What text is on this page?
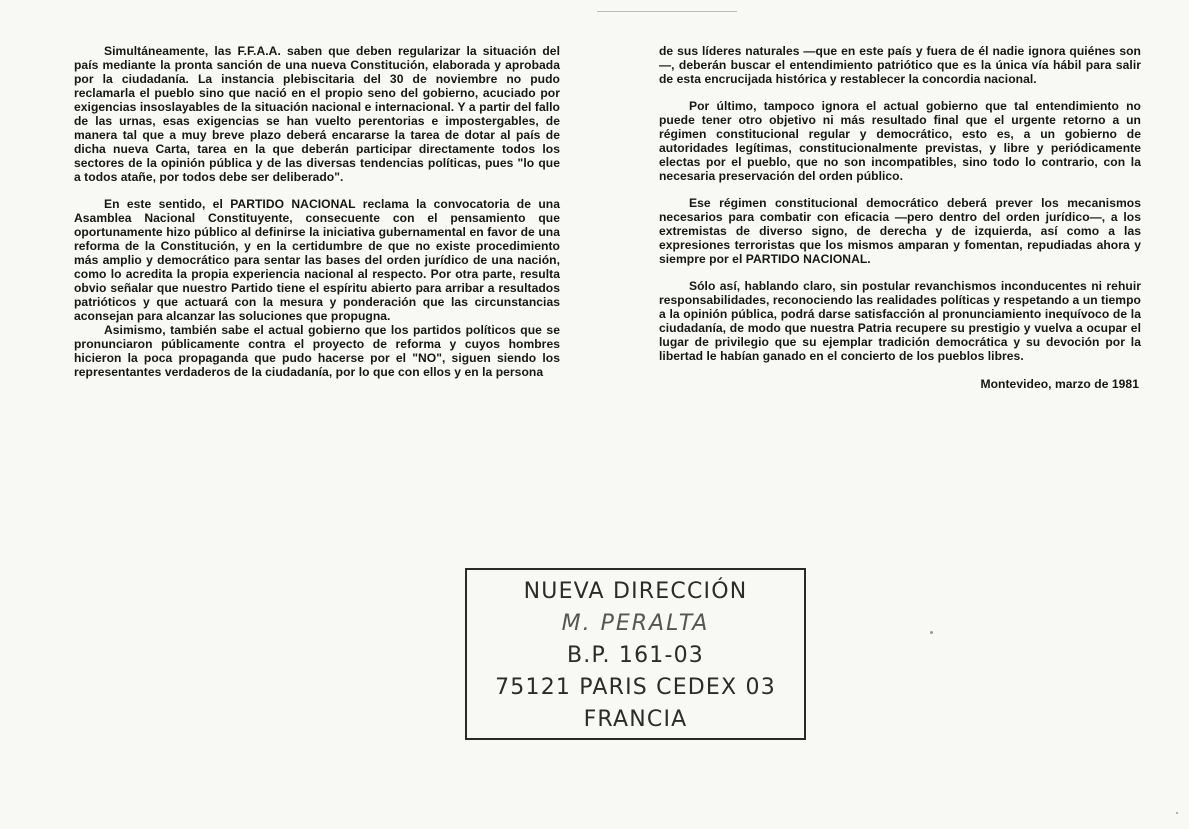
Simultáneamente, las F.F.A.A. saben que deben regularizar la situación del país mediante la pronta sanción de una nueva Constitución, elaborada y aprobada por la ciudadanía. La instancia plebiscitaria del 30 de noviembre no pudo reclamarla el pueblo sino que nació en el propio seno del gobierno, acuciado por exigencias insoslayables de la situación nacional e internacional. Y a partir del fallo de las urnas, esas exigencias se han vuelto perentorias e impostergables, de manera tal que a muy breve plazo deberá encararse la tarea de dotar al país de dicha nueva Carta, tarea en la que deberán participar directamente todos los sectores de la opinión pública y de las diversas tendencias políticas, pues "lo que a todos atañe, por todos debe ser deliberado".

En este sentido, el PARTIDO NACIONAL reclama la convocatoria de una Asamblea Nacional Constituyente, consecuente con el pensamiento que oportunamente hizo público al definirse la iniciativa gubernamental en favor de una reforma de la Constitución, y en la certidumbre de que no existe procedimiento más amplio y democrático para sentar las bases del orden jurídico de una nación, como lo acredita la propia experiencia nacional al respecto. Por otra parte, resulta obvio señalar que nuestro Partido tiene el espíritu abierto para arribar a resultados patrióticos y que actuará con la mesura y ponderación que las circunstancias aconsejan para alcanzar las soluciones que propugna.

Asimismo, también sabe el actual gobierno que los partidos políticos que se pronunciaron públicamente contra el proyecto de reforma y cuyos hombres hicieron la poca propaganda que pudo hacerse por el "NO", siguen siendo los representantes verdaderos de la ciudadanía, por lo que con ellos y en la persona

de sus líderes naturales —que en este país y fuera de él nadie ignora quiénes son—, deberán buscar el entendimiento patriótico que es la única vía hábil para salir de esta encrucijada histórica y restablecer la concordia nacional.

Por último, tampoco ignora el actual gobierno que tal entendimiento no puede tener otro objetivo ni más resultado final que el urgente retorno a un régimen constitucional regular y democrático, esto es, a un gobierno de autoridades legítimas, constitucionalmente previstas, y libre y periódicamente electas por el pueblo, que no son incompatibles, sino todo lo contrario, con la necesaria preservación del orden público.

Ese régimen constitucional democrático deberá prever los mecanismos necesarios para combatir con eficacia —pero dentro del orden jurídico—, a los extremistas de diverso signo, de derecha y de izquierda, así como a las expresiones terroristas que los mismos amparan y fomentan, repudiadas ahora y siempre por el PARTIDO NACIONAL.

Sólo así, hablando claro, sin postular revanchismos inconducentes ni rehuir responsabilidades, reconociendo las realidades políticas y respetando a un tiempo a la opinión pública, podrá darse satisfacción al pronunciamiento inequívoco de la ciudadanía, de modo que nuestra Patria recupere su prestigio y vuelva a ocupar el lugar de privilegio que su ejemplar tradición democrática y su devoción por la libertad le habían ganado en el concierto de los pueblos libres.

Montevideo, marzo de 1981
NUEVA DIRECCIÓN
M. PERALTA
B.P. 161-03
75121 PARIS CEDEX 03
FRANCIA
